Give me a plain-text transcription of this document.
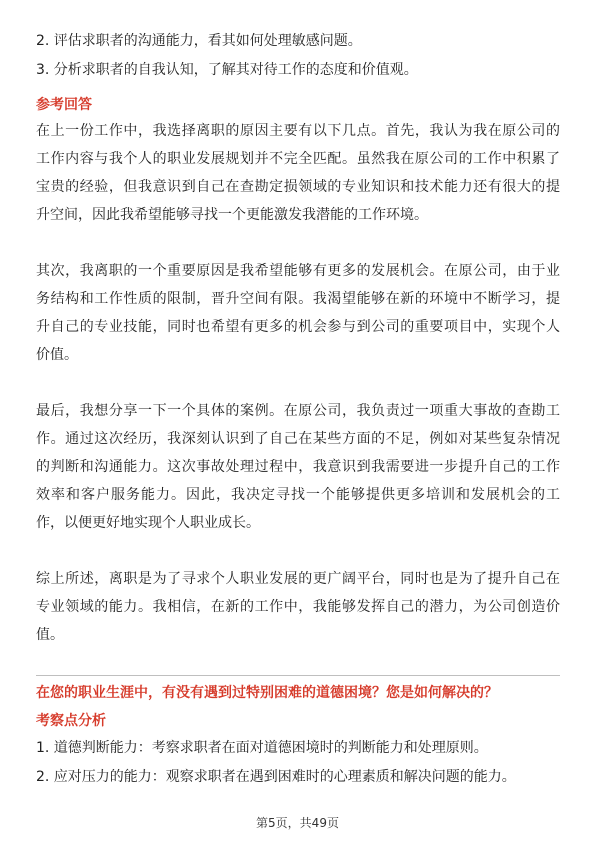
2. 评估求职者的沟通能力，看其如何处理敏感问题。
3. 分析求职者的自我认知，了解其对待工作的态度和价值观。
参考回答
在上一份工作中，我选择离职的原因主要有以下几点。首先，我认为我在原公司的
工作内容与我个人的职业发展规划并不完全匹配。虽然我在原公司的工作中积累了
宝贵的经验，但我意识到自己在查勘定损领域的专业知识和技术能力还有很大的提
升空间，因此我希望能够寻找一个更能激发我潜能的工作环境。
其次，我离职的一个重要原因是我希望能够有更多的发展机会。在原公司，由于业
务结构和工作性质的限制，晋升空间有限。我渴望能够在新的环境中不断学习，提
升自己的专业技能，同时也希望有更多的机会参与到公司的重要项目中，实现个人
价值。
最后，我想分享一下一个具体的案例。在原公司，我负责过一项重大事故的查勘工
作。通过这次经历，我深刻认识到了自己在某些方面的不足，例如对某些复杂情况
的判断和沟通能力。这次事故处理过程中，我意识到我需要进一步提升自己的工作
效率和客户服务能力。因此，我决定寻找一个能够提供更多培训和发展机会的工
作，以便更好地实现个人职业成长。
综上所述，离职是为了寻求个人职业发展的更广阔平台，同时也是为了提升自己在
专业领域的能力。我相信，在新的工作中，我能够发挥自己的潜力，为公司创造价
值。
在您的职业生涯中，有没有遇到过特别困难的道德困境？您是如何解决的？
考察点分析
1. 道德判断能力：考察求职者在面对道德困境时的判断能力和处理原则。
2. 应对压力的能力：观察求职者在遇到困难时的心理素质和解决问题的能力。
第5页，共49页
